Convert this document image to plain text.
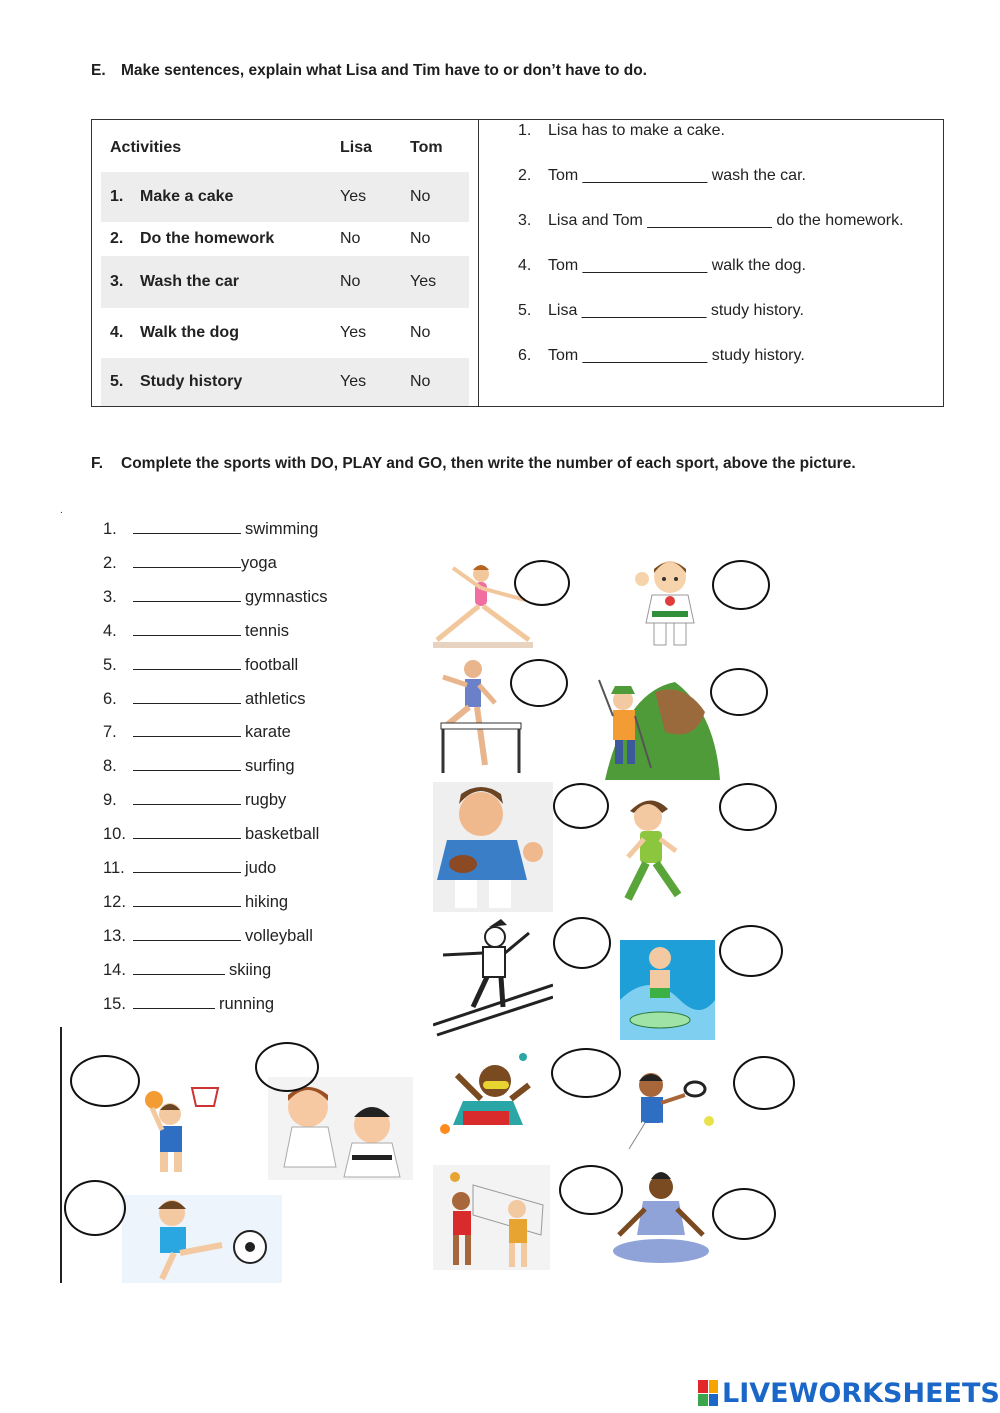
E. Make sentences, explain what Lisa and Tim have to or don’t have to do.
Activities	Lisa Tom
1. Make a cake	Yes	No
2. Do the homework	No	No
3. Wash the car	No	Yes
4. Walk the dog	Yes	No
5. Study history	Yes	No
1. Lisa has to make a cake.
2. Tom ______________ wash the car.
3. Lisa and Tom ______________ do the homework.
4. Tom ______________ walk the dog.
5. Lisa ______________ study history.
6. Tom ______________ study history.
F. Complete the sports with DO, PLAY and GO, then write the number of each sport, above the picture.
.
1.	swimming
2.	yoga
3.	gymnastics
4.	tennis
5.	football
6.	athletics
7.	karate
8.	surfing
9.	rugby
10.	basketball
11.	judo
12.	hiking
13.	volleyball
14.	skiing
15.	running
LIVEWORKSHEETS
